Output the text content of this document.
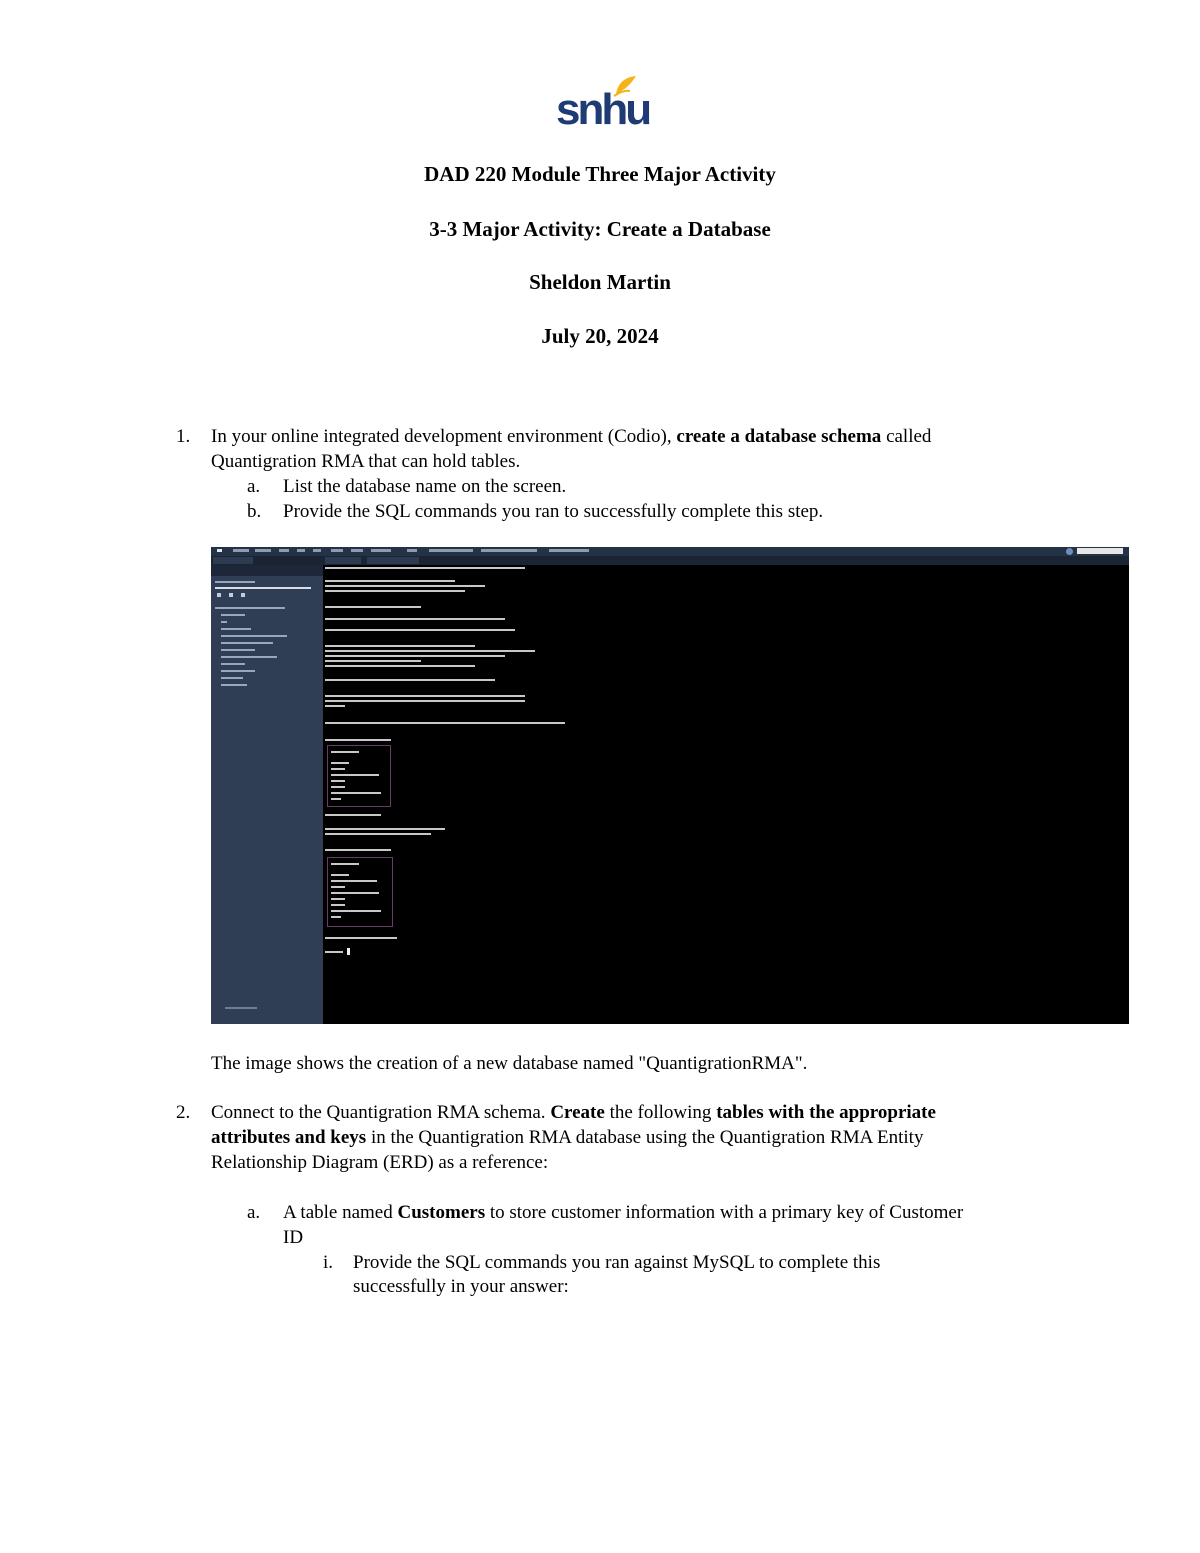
snhu
DAD 220 Module Three Major Activity
3-3 Major Activity: Create a Database
Sheldon Martin
July 20, 2024
1. In your online integrated development environment (Codio), create a database schema called
Quantigration RMA that can hold tables.
a. List the database name on the screen.
b. Provide the SQL commands you ran to successfully complete this step.
The image shows the creation of a new database named "QuantigrationRMA".
2. Connect to the Quantigration RMA schema. Create the following tables with the appropriate
attributes and keys in the Quantigration RMA database using the Quantigration RMA Entity
Relationship Diagram (ERD) as a reference:
a. A table named Customers to store customer information with a primary key of Customer
ID
i. Provide the SQL commands you ran against MySQL to complete this
successfully in your answer:
